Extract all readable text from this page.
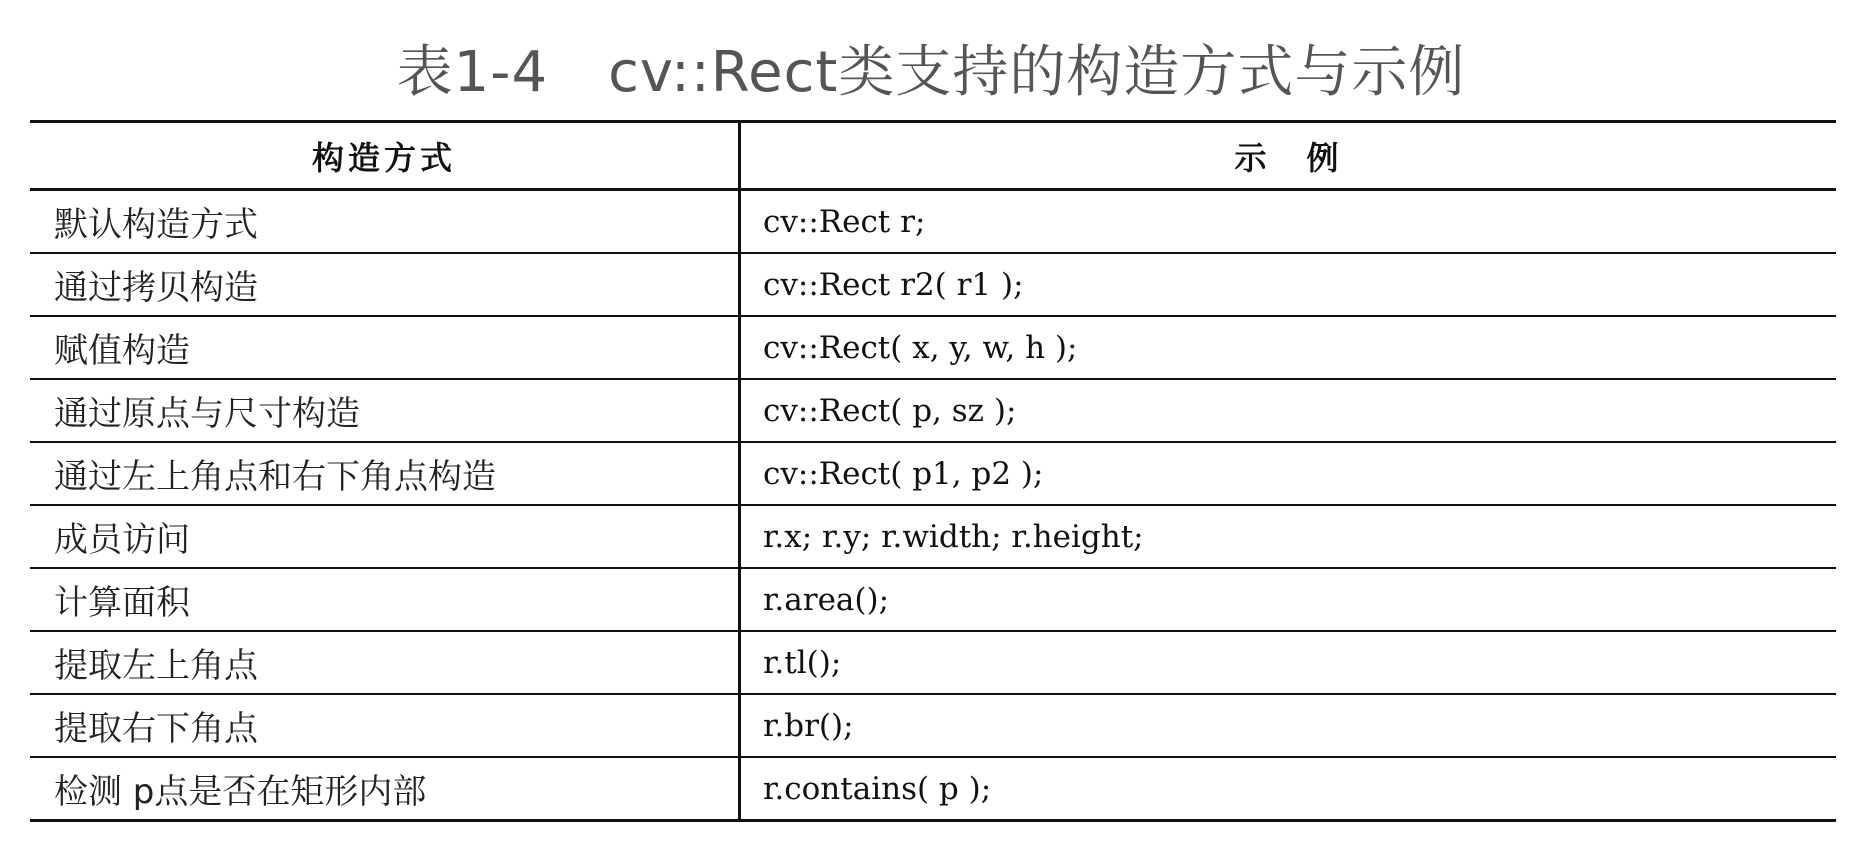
表1-4 cv::Rect类支持的构造方式与示例
构造方式	示　例
默认构造方式	cv::Rect r;
通过拷贝构造	cv::Rect r2( r1 );
赋值构造	cv::Rect( x, y, w, h );
通过原点与尺寸构造	cv::Rect( p, sz );
通过左上角点和右下角点构造	cv::Rect( p1, p2 );
成员访问	r.x; r.y; r.width; r.height;
计算面积	r.area();
提取左上角点	r.tl();
提取右下角点	r.br();
检测 p点是否在矩形内部	r.contains( p );
